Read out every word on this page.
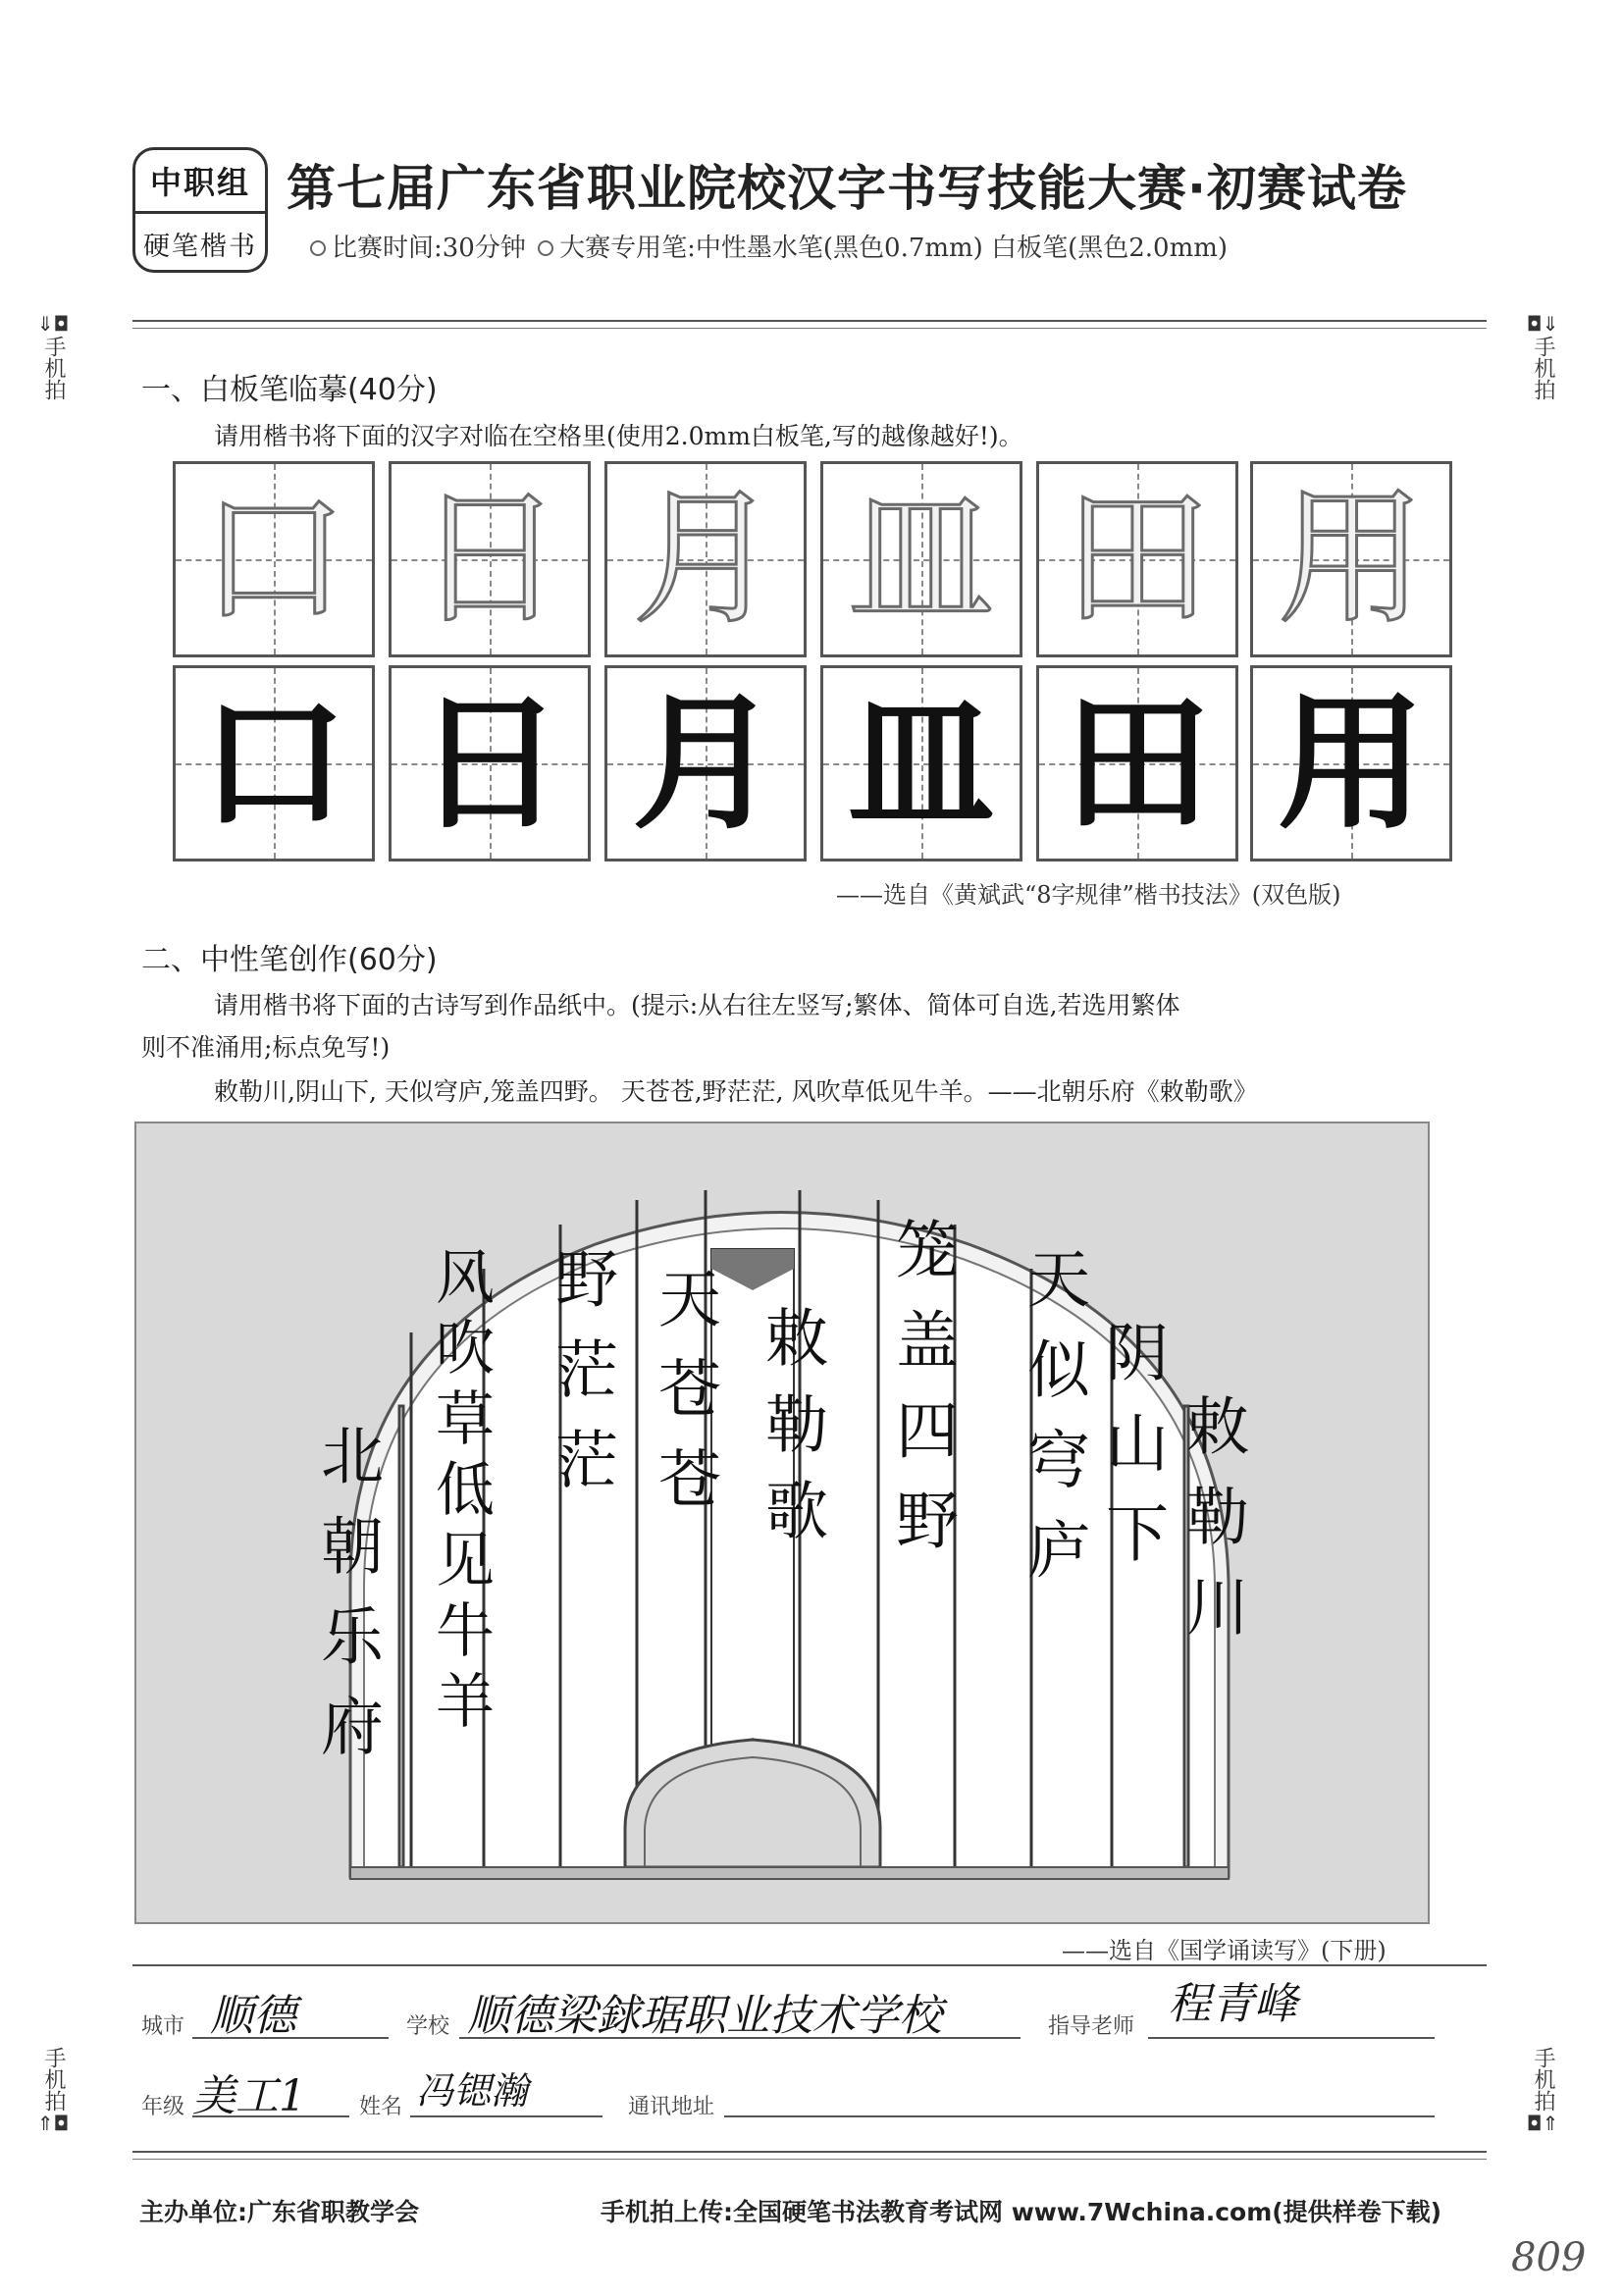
中职组
硬笔楷书
第七届广东省职业院校汉字书写技能大赛·初赛试卷
比赛时间:30分钟 大赛专用笔:中性墨水笔(黑色0.7mm) 白板笔(黑色2.0mm)
⇓◘
手机拍
◘⇓
手机拍
手机拍
⇑◘
手机拍
◘⇑
一、白板笔临摹(40分)
请用楷书将下面的汉字对临在空格里(使用2.0mm白板笔,写的越像越好!)。
口 日 月 皿 田 用
口 日 月 皿 田 用
——选自《黄斌武“8字规律”楷书技法》(双色版)
二、中性笔创作(60分)
请用楷书将下面的古诗写到作品纸中。(提示:从右往左竖写;繁体、简体可自选,若选用繁体
则不准涌用;标点免写!)
敕勒川,阴山下, 天似穹庐,笼盖四野。 天苍苍,野茫茫, 风吹草低见牛羊。——北朝乐府《敕勒歌》
敕勒川
阴山下
天似穹庐
笼盖四野
敕勒歌
天苍苍
野茫茫
风吹草低见牛羊
北朝乐府
——选自《国学诵读写》(下册)
城市 顺德	学校 顺德梁銶琚职业技术学校	指导老师 程青峰
年级 美工1 姓名 冯锶瀚	通讯地址
主办单位:广东省职教学会	手机拍上传:全国硬笔书法教育考试网 www.7Wchina.com(提供样卷下载)
809
